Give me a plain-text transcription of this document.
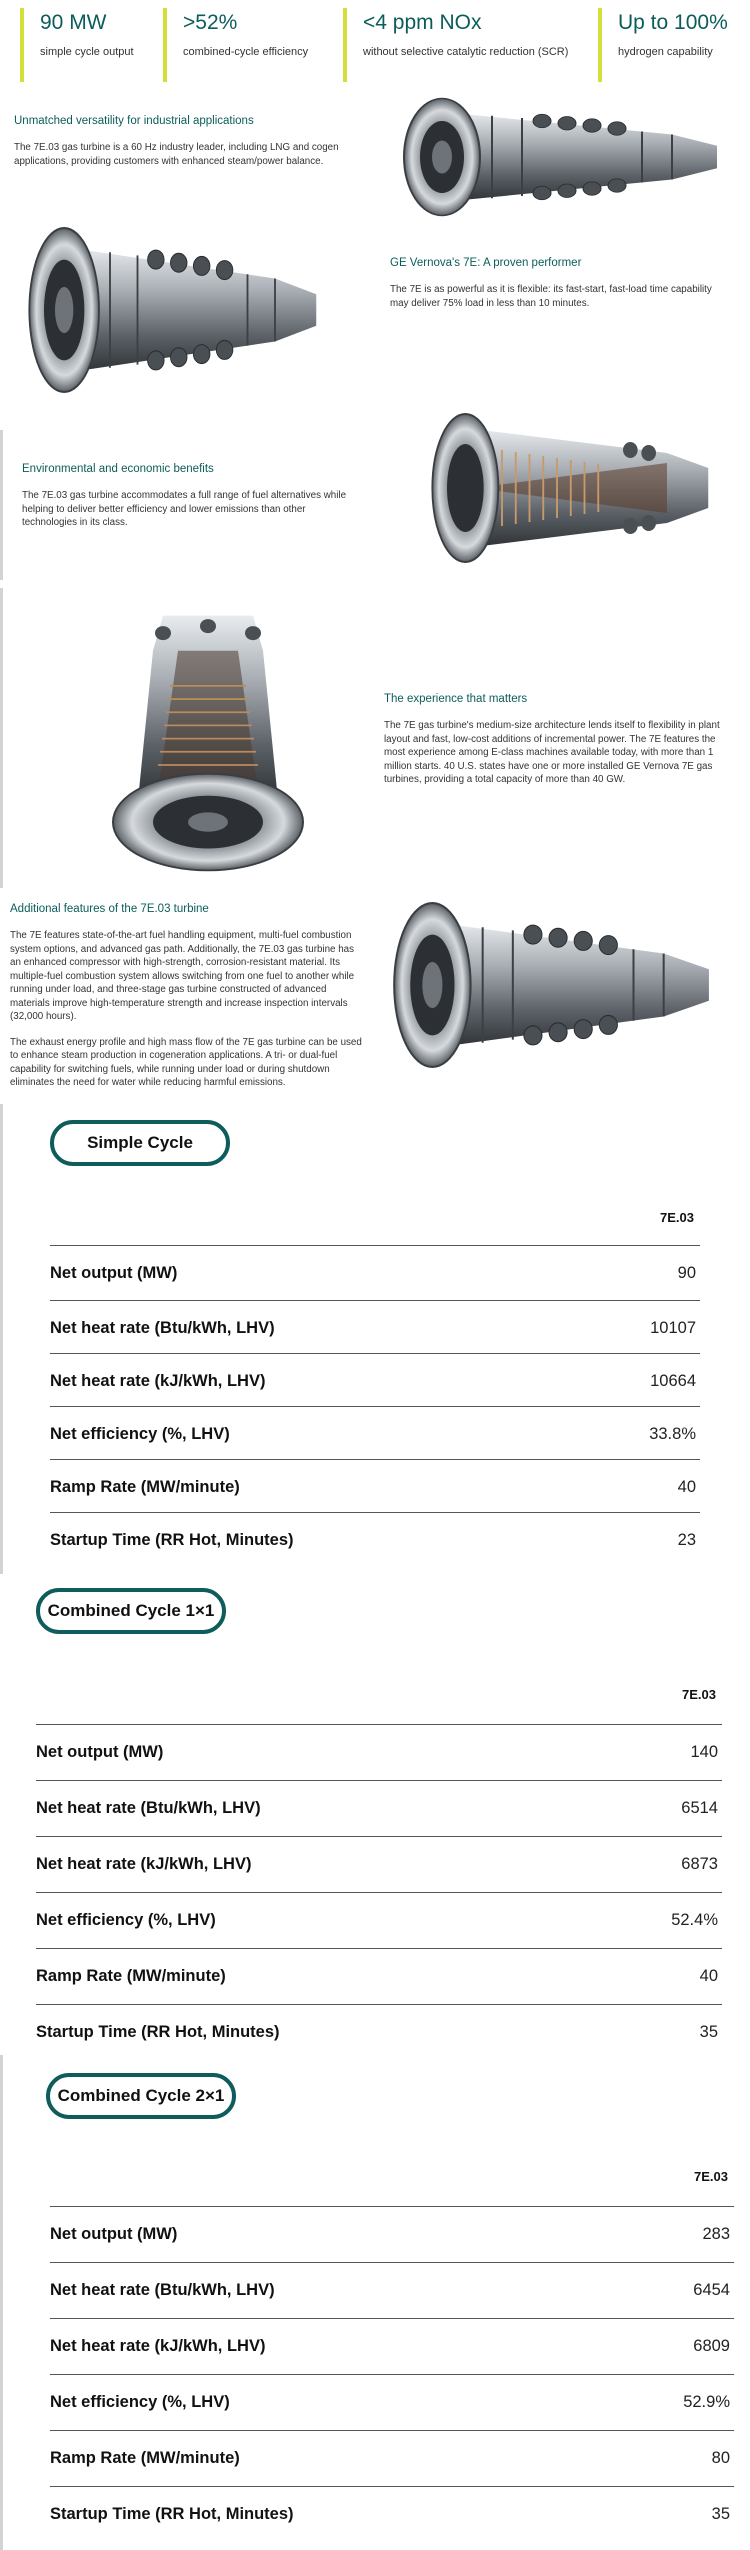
90 MW
simple cycle output
>52%
combined-cycle efficiency
<4 ppm NOx
without selective catalytic reduction (SCR)
Up to 100%
hydrogen capability
Unmatched versatility for industrial applications

The 7E.03 gas turbine is a 60 Hz industry leader, including LNG and cogen applications, providing customers with enhanced steam/power balance.

GE Vernova's 7E: A proven performer

The 7E is as powerful as it is flexible: its fast-start, fast-load time capability may deliver 75% load in less than 10 minutes.

Environmental and economic benefits

The 7E.03 gas turbine accommodates a full range of fuel alternatives while helping to deliver better efficiency and lower emissions than other technologies in its class.

The experience that matters

The 7E gas turbine's medium-size architecture lends itself to flexibility in plant layout and fast, low-cost additions of incremental power. The 7E features the most experience among E-class machines available today, with more than 1 million starts. 40 U.S. states have one or more installed GE Vernova 7E gas turbines, providing a total capacity of more than 40 GW.

Additional features of the 7E.03 turbine

The 7E features state-of-the-art fuel handling equipment, multi-fuel combustion system options, and advanced gas path. Additionally, the 7E.03 gas turbine has an enhanced compressor with high-strength, corrosion-resistant material. Its multiple-fuel combustion system allows switching from one fuel to another while running under load, and three-stage gas turbine constructed of advanced materials improve high-temperature strength and increase inspection intervals (32,000 hours).

The exhaust energy profile and high mass flow of the 7E gas turbine can be used to enhance steam production in cogeneration applications. A tri- or dual-fuel capability for switching fuels, while running under load or during shutdown eliminates the need for water while reducing harmful emissions.

Simple Cycle
7E.03
Net output (MW)	90
Net heat rate (Btu/kWh, LHV)	10107
Net heat rate (kJ/kWh, LHV)	10664
Net efficiency (%, LHV)	33.8%
Ramp Rate (MW/minute)	40
Startup Time (RR Hot, Minutes)	23
Combined Cycle 1×1
7E.03
Net output (MW)	140
Net heat rate (Btu/kWh, LHV)	6514
Net heat rate (kJ/kWh, LHV)	6873
Net efficiency (%, LHV)	52.4%
Ramp Rate (MW/minute)	40
Startup Time (RR Hot, Minutes)	35
Combined Cycle 2×1
7E.03
Net output (MW)	283
Net heat rate (Btu/kWh, LHV)	6454
Net heat rate (kJ/kWh, LHV)	6809
Net efficiency (%, LHV)	52.9%
Ramp Rate (MW/minute)	80
Startup Time (RR Hot, Minutes)	35
